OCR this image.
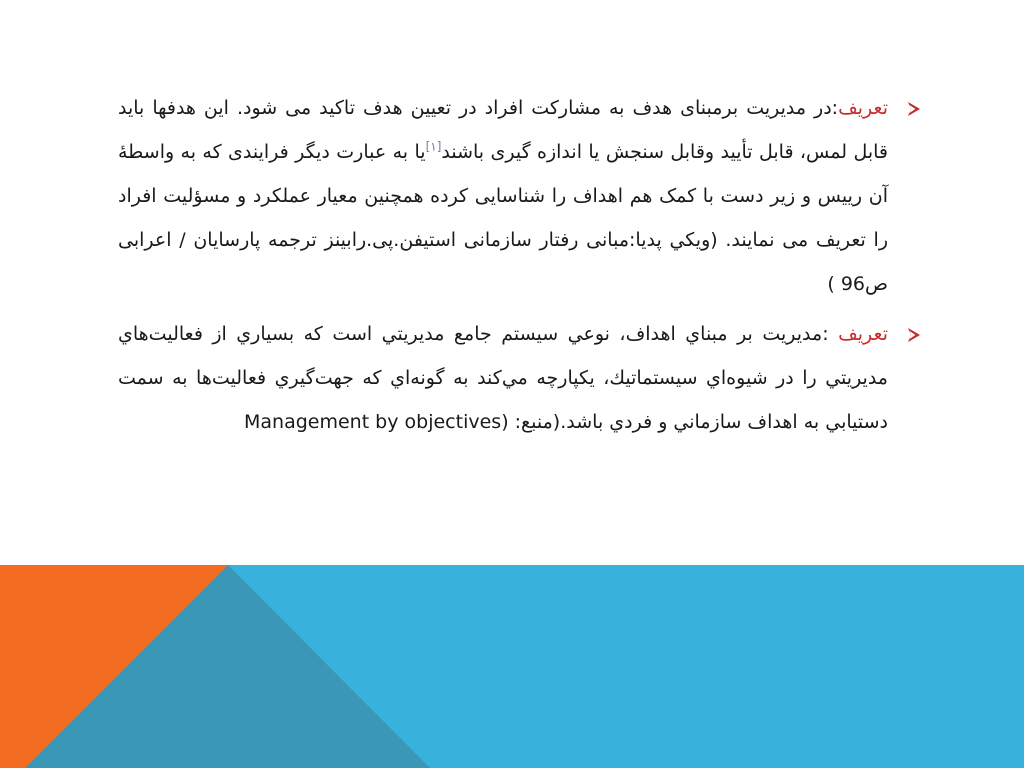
تعریف:در مدیریت برمبنای هدف به مشارکت افراد در تعیین هدف تاکید می شود. این هدفها باید قابل لمس، قابل تأیید وقابل سنجش یا اندازه گیری باشند[۱]یا به عبارت دیگر فرایندی که به واسطۀ آن رییس و زیر دست با کمک هم اهداف را شناسایی کرده همچنین معیار عملکرد و مسؤلیت افراد را تعریف می نمایند. (ويكي پديا:مبانی رفتار سازمانی استیفن.پی.رابینز ترجمه پارسایان / اعرابی ص96 )
تعریف :مديريت بر مبناي اهداف، نوعي سيستم جامع مديريتي است كه بسياري از فعاليت‌هاي مديريتي را در شيوه‌اي سيستماتيك، يكپارچه مي‌كند به گونه‌اي كه جهت‌گيري فعاليت‌ها به سمت دستيابي به اهداف سازماني و فردي باشد.(منبع: Management by objectives)
